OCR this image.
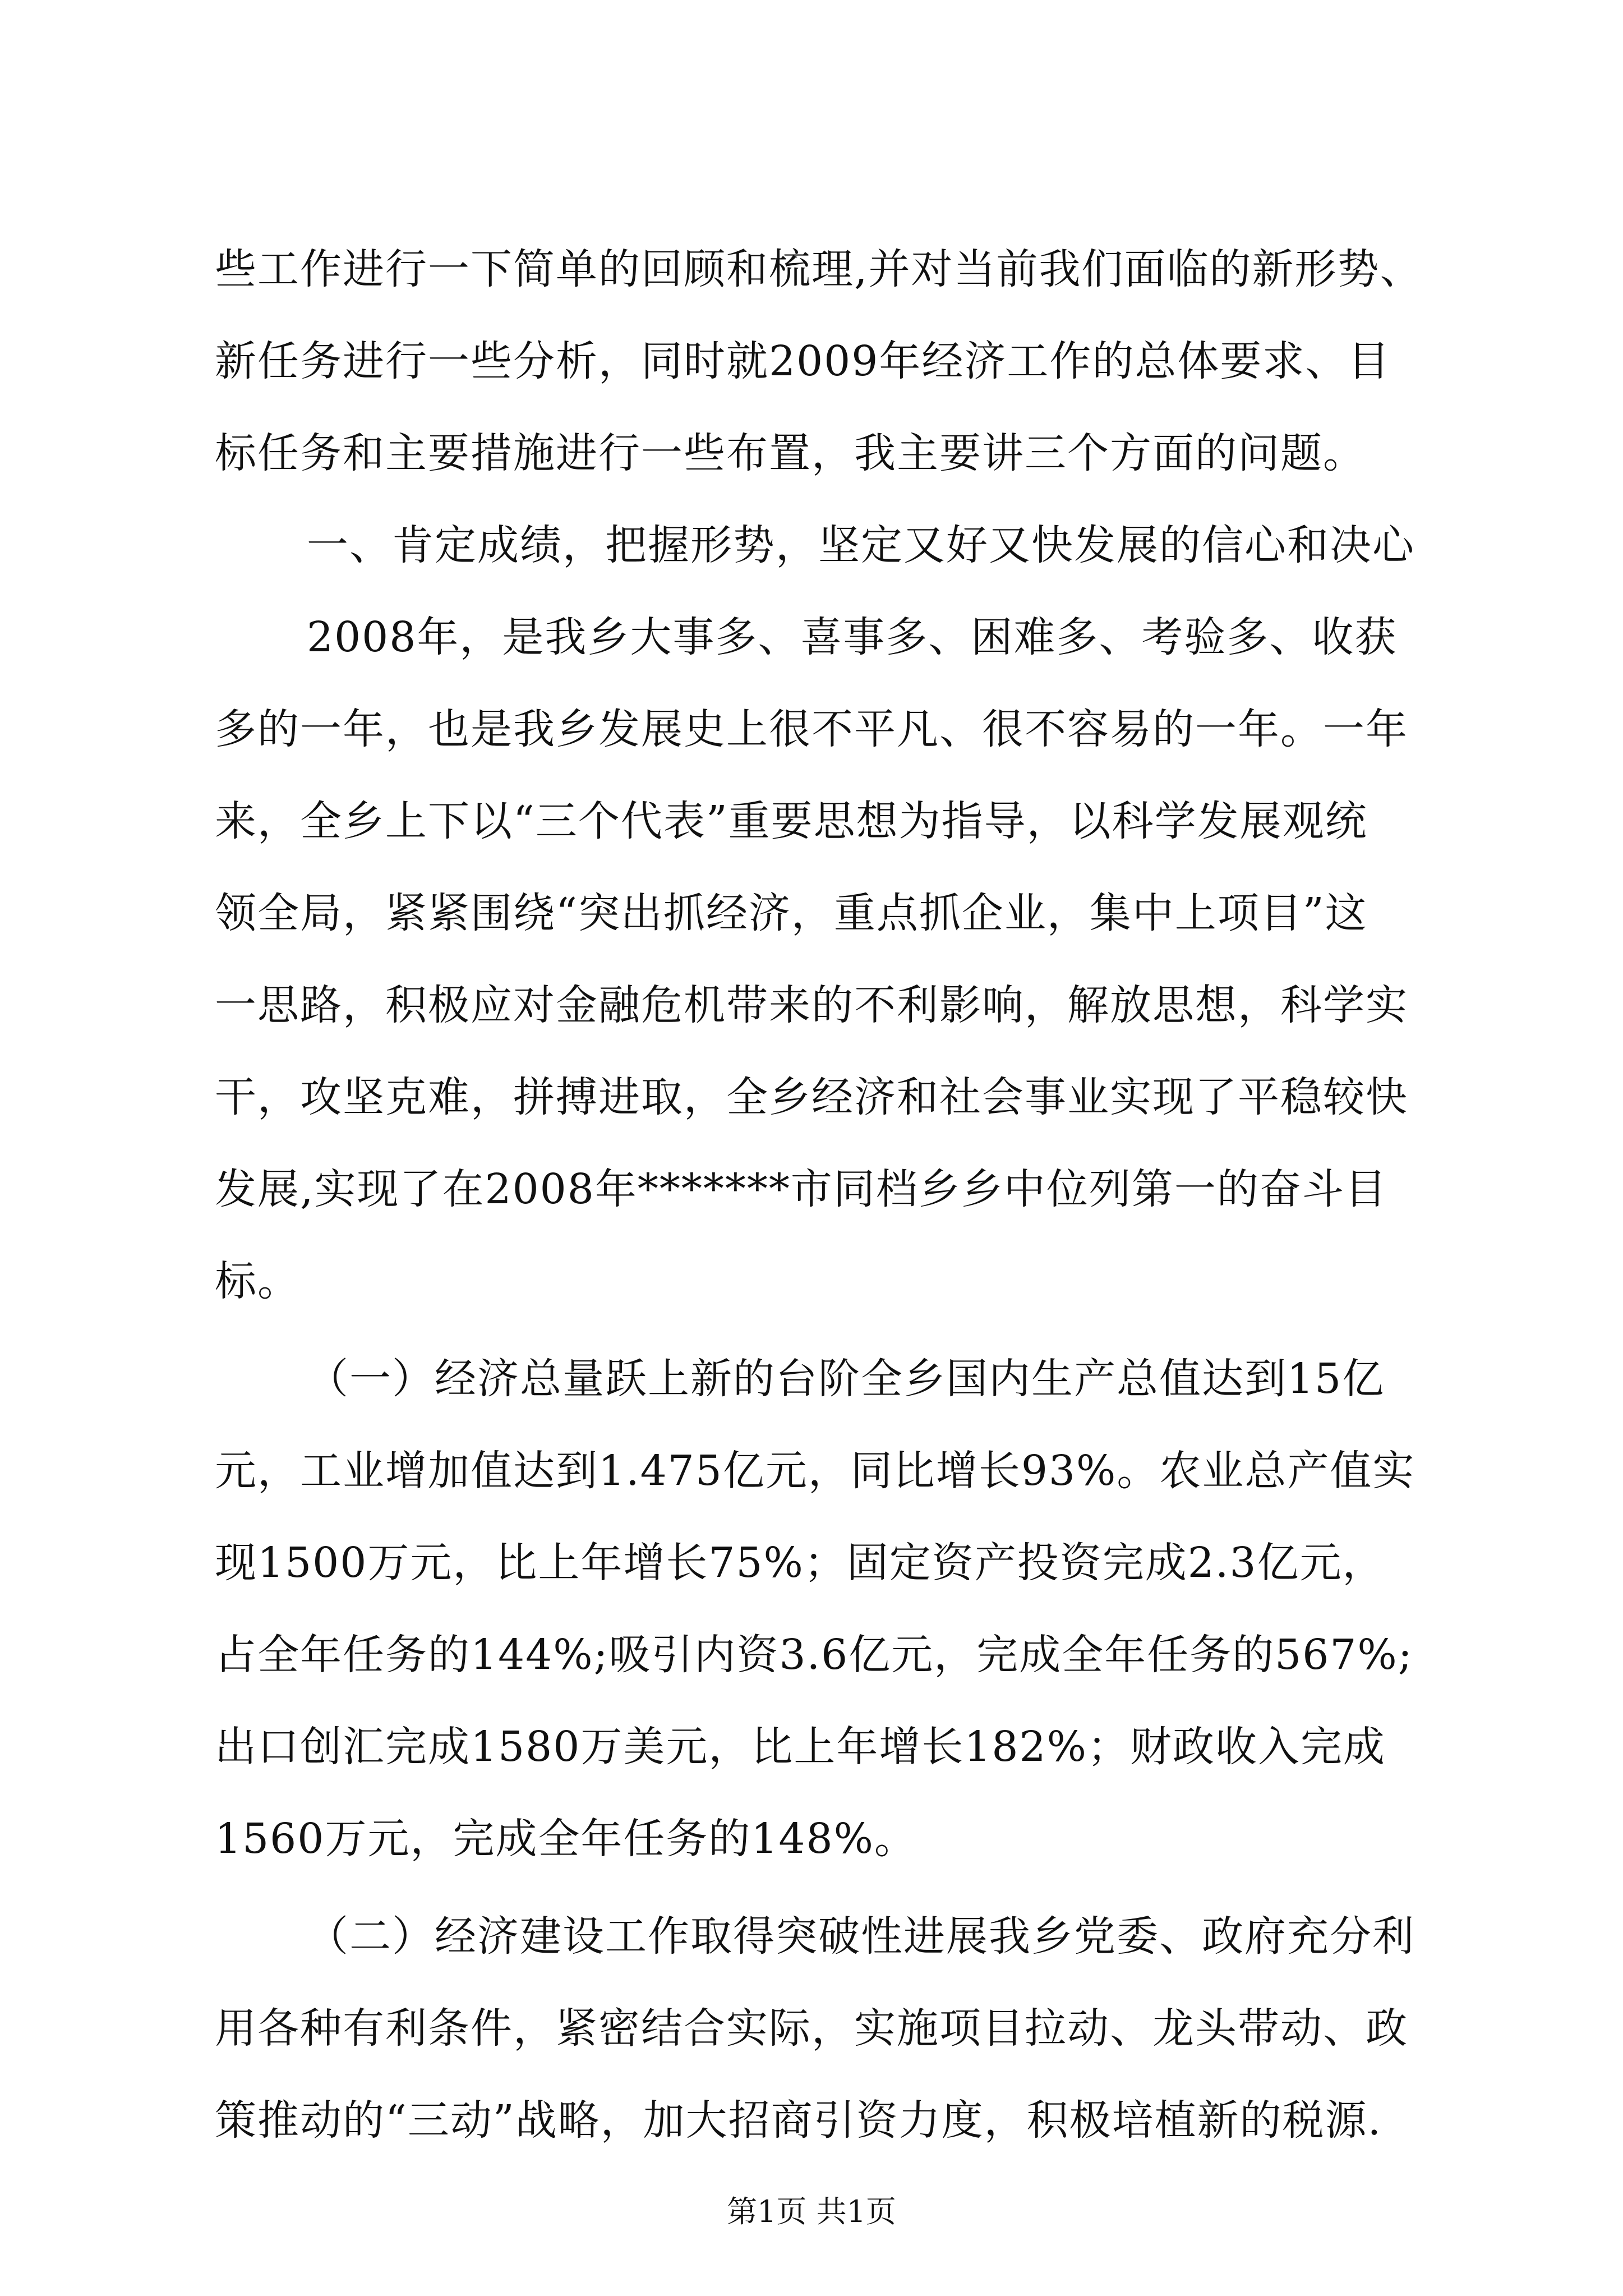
些工作进行一下简单的回顾和梳理,并对当前我们面临的新形势、
新任务进行一些分析，同时就2009年经济工作的总体要求、目
标任务和主要措施进行一些布置，我主要讲三个方面的问题。
一、肯定成绩，把握形势，坚定又好又快发展的信心和决心
2008年，是我乡大事多、喜事多、困难多、考验多、收获
多的一年，也是我乡发展史上很不平凡、很不容易的一年。一年
来，全乡上下以“三个代表”重要思想为指导，以科学发展观统
领全局，紧紧围绕“突出抓经济，重点抓企业，集中上项目”这
一思路，积极应对金融危机带来的不利影响，解放思想，科学实
干，攻坚克难，拼搏进取，全乡经济和社会事业实现了平稳较快
发展,实现了在2008年*******市同档乡乡中位列第一的奋斗目
标。
（一）经济总量跃上新的台阶全乡国内生产总值达到15亿
元，工业增加值达到1.475亿元，同比增长93%。农业总产值实
现1500万元，比上年增长75%；固定资产投资完成2.3亿元，
占全年任务的144%;吸引内资3.6亿元，完成全年任务的567%;
出口创汇完成1580万美元，比上年增长182%；财政收入完成
1560万元，完成全年任务的148%。
（二）经济建设工作取得突破性进展我乡党委、政府充分利
用各种有利条件，紧密结合实际，实施项目拉动、龙头带动、政
策推动的“三动”战略，加大招商引资力度，积极培植新的税源.
第1页 共1页
